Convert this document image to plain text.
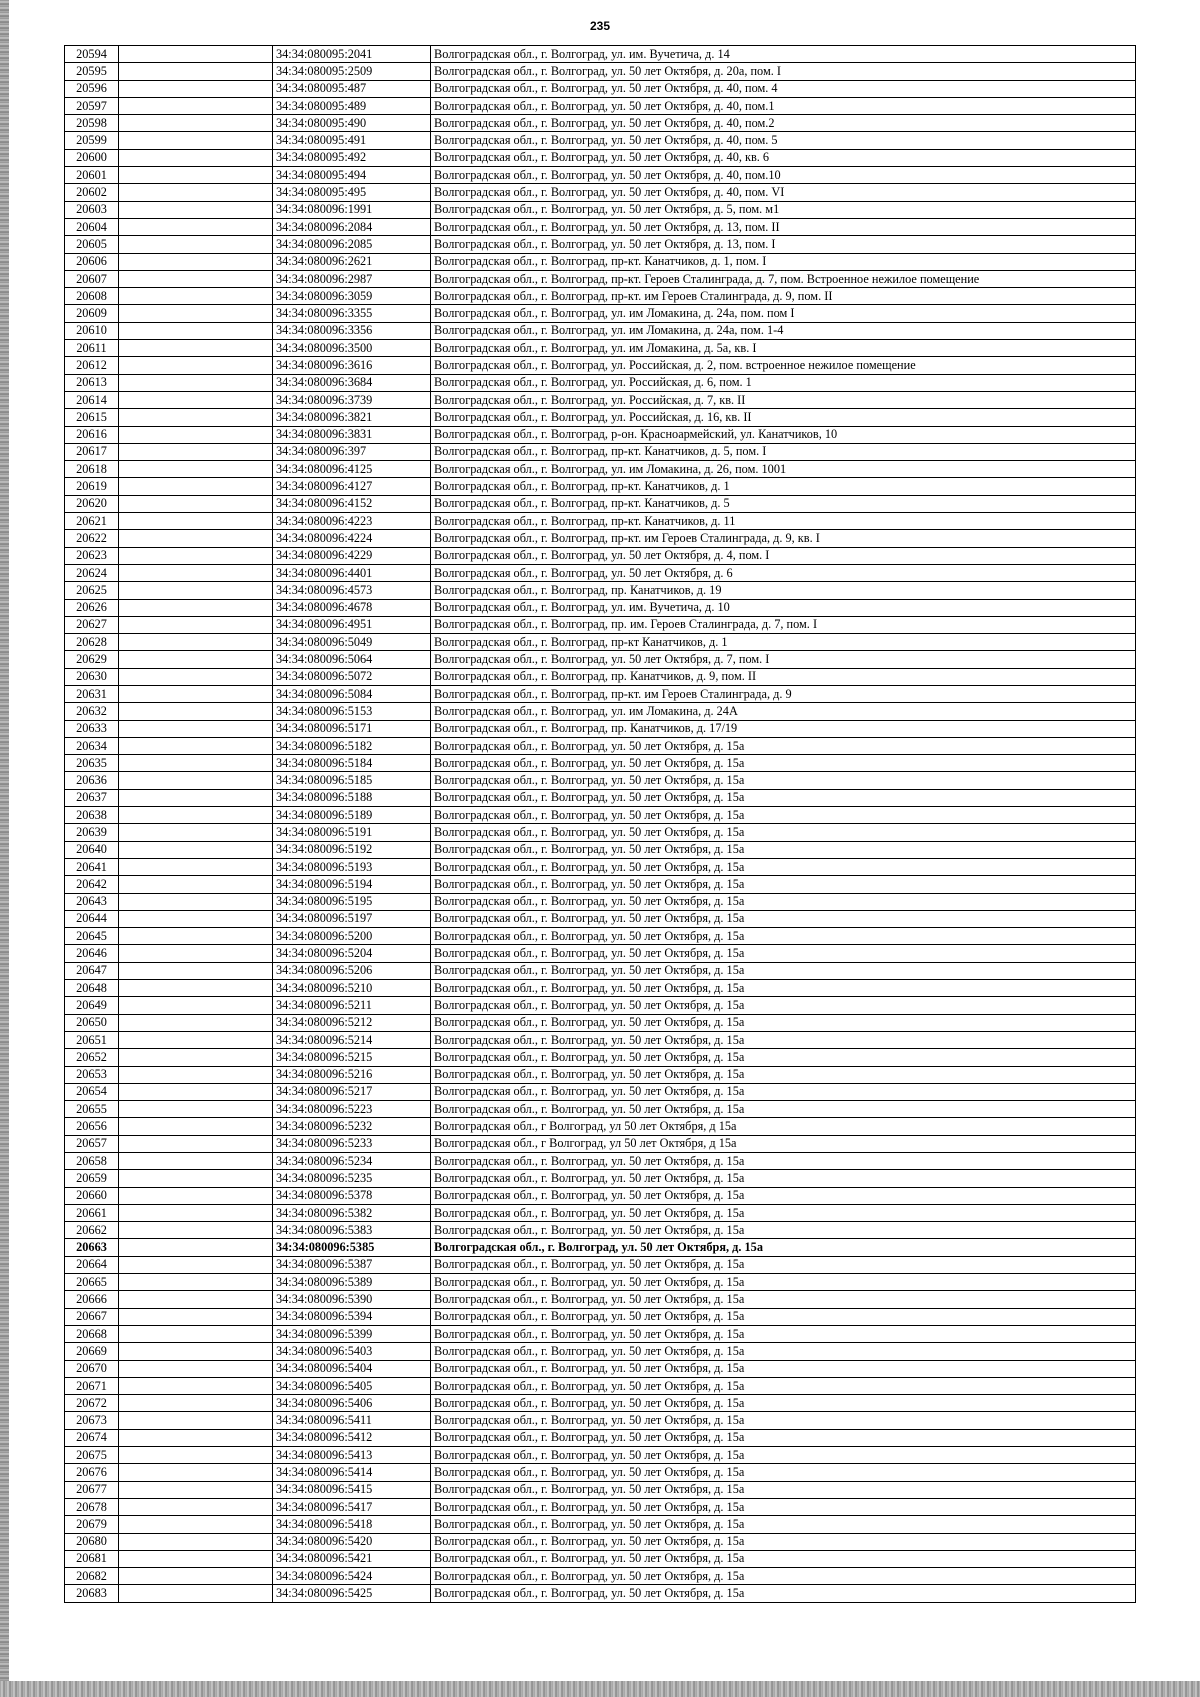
235
20594		34:34:080095:2041	Волгоградская обл., г. Волгоград, ул. им. Вучетича, д. 14
20595		34:34:080095:2509	Волгоградская обл., г. Волгоград, ул. 50 лет Октября, д. 20а, пом. I
20596		34:34:080095:487	Волгоградская обл., г. Волгоград, ул. 50 лет Октября, д. 40, пом. 4
20597		34:34:080095:489	Волгоградская обл., г. Волгоград, ул. 50 лет Октября, д. 40, пом.1
20598		34:34:080095:490	Волгоградская обл., г. Волгоград, ул. 50 лет Октября, д. 40, пом.2
20599		34:34:080095:491	Волгоградская обл., г. Волгоград, ул. 50 лет Октября, д. 40, пом. 5
20600		34:34:080095:492	Волгоградская обл., г. Волгоград, ул. 50 лет Октября, д. 40, кв. 6
20601		34:34:080095:494	Волгоградская обл., г. Волгоград, ул. 50 лет Октября, д. 40, пом.10
20602		34:34:080095:495	Волгоградская обл., г. Волгоград, ул. 50 лет Октября, д. 40, пом. VI
20603		34:34:080096:1991	Волгоградская обл., г. Волгоград, ул. 50 лет Октября, д. 5, пом. м1
20604		34:34:080096:2084	Волгоградская обл., г. Волгоград, ул. 50 лет Октября, д. 13, пом. II
20605		34:34:080096:2085	Волгоградская обл., г. Волгоград, ул. 50 лет Октября, д. 13, пом. I
20606		34:34:080096:2621	Волгоградская обл., г. Волгоград, пр-кт. Канатчиков, д. 1, пом. I
20607		34:34:080096:2987	Волгоградская обл., г. Волгоград, пр-кт. Героев Сталинграда, д. 7, пом. Встроенное нежилое помещение
20608		34:34:080096:3059	Волгоградская обл., г. Волгоград, пр-кт. им Героев Сталинграда, д. 9, пом. II
20609		34:34:080096:3355	Волгоградская обл., г. Волгоград, ул. им Ломакина, д. 24а, пом. пом I
20610		34:34:080096:3356	Волгоградская обл., г. Волгоград, ул. им Ломакина, д. 24а, пом. 1-4
20611		34:34:080096:3500	Волгоградская обл., г. Волгоград, ул. им Ломакина, д. 5а, кв. I
20612		34:34:080096:3616	Волгоградская обл., г. Волгоград, ул. Российская, д. 2, пом. встроенное нежилое помещение
20613		34:34:080096:3684	Волгоградская обл., г. Волгоград, ул. Российская, д. 6, пом. 1
20614		34:34:080096:3739	Волгоградская обл., г. Волгоград, ул. Российская, д. 7, кв. II
20615		34:34:080096:3821	Волгоградская обл., г. Волгоград, ул. Российская, д. 16, кв. II
20616		34:34:080096:3831	Волгоградская обл., г. Волгоград, р-он. Красноармейский, ул. Канатчиков, 10
20617		34:34:080096:397	Волгоградская обл., г. Волгоград, пр-кт. Канатчиков, д. 5, пом. I
20618		34:34:080096:4125	Волгоградская обл., г. Волгоград, ул. им Ломакина, д. 26, пом. 1001
20619		34:34:080096:4127	Волгоградская обл., г. Волгоград, пр-кт. Канатчиков, д. 1
20620		34:34:080096:4152	Волгоградская обл., г. Волгоград, пр-кт. Канатчиков, д. 5
20621		34:34:080096:4223	Волгоградская обл., г. Волгоград, пр-кт. Канатчиков, д. 11
20622		34:34:080096:4224	Волгоградская обл., г. Волгоград, пр-кт. им Героев Сталинграда, д. 9, кв. I
20623		34:34:080096:4229	Волгоградская обл., г. Волгоград, ул. 50 лет Октября, д. 4, пом. I
20624		34:34:080096:4401	Волгоградская обл., г. Волгоград, ул. 50 лет Октября, д. 6
20625		34:34:080096:4573	Волгоградская обл., г. Волгоград, пр. Канатчиков, д. 19
20626		34:34:080096:4678	Волгоградская обл., г. Волгоград, ул. им. Вучетича, д. 10
20627		34:34:080096:4951	Волгоградская обл., г. Волгоград, пр. им. Героев Сталинграда, д. 7, пом. I
20628		34:34:080096:5049	Волгоградская обл., г. Волгоград, пр-кт Канатчиков, д. 1
20629		34:34:080096:5064	Волгоградская обл., г. Волгоград, ул. 50 лет Октября, д. 7, пом. I
20630		34:34:080096:5072	Волгоградская обл., г. Волгоград, пр. Канатчиков, д. 9, пом. II
20631		34:34:080096:5084	Волгоградская обл., г. Волгоград, пр-кт. им Героев Сталинграда, д. 9
20632		34:34:080096:5153	Волгоградская обл., г. Волгоград, ул. им Ломакина, д. 24А
20633		34:34:080096:5171	Волгоградская обл., г. Волгоград, пр. Канатчиков, д. 17/19
20634		34:34:080096:5182	Волгоградская обл., г. Волгоград, ул. 50 лет Октября, д. 15а
20635		34:34:080096:5184	Волгоградская обл., г. Волгоград, ул. 50 лет Октября, д. 15а
20636		34:34:080096:5185	Волгоградская обл., г. Волгоград, ул. 50 лет Октября, д. 15а
20637		34:34:080096:5188	Волгоградская обл., г. Волгоград, ул. 50 лет Октября, д. 15а
20638		34:34:080096:5189	Волгоградская обл., г. Волгоград, ул. 50 лет Октября, д. 15а
20639		34:34:080096:5191	Волгоградская обл., г. Волгоград, ул. 50 лет Октября, д. 15а
20640		34:34:080096:5192	Волгоградская обл., г. Волгоград, ул. 50 лет Октября, д. 15а
20641		34:34:080096:5193	Волгоградская обл., г. Волгоград, ул. 50 лет Октября, д. 15а
20642		34:34:080096:5194	Волгоградская обл., г. Волгоград, ул. 50 лет Октября, д. 15а
20643		34:34:080096:5195	Волгоградская обл., г. Волгоград, ул. 50 лет Октября, д. 15а
20644		34:34:080096:5197	Волгоградская обл., г. Волгоград, ул. 50 лет Октября, д. 15а
20645		34:34:080096:5200	Волгоградская обл., г. Волгоград, ул. 50 лет Октября, д. 15а
20646		34:34:080096:5204	Волгоградская обл., г. Волгоград, ул. 50 лет Октября, д. 15а
20647		34:34:080096:5206	Волгоградская обл., г. Волгоград, ул. 50 лет Октября, д. 15а
20648		34:34:080096:5210	Волгоградская обл., г. Волгоград, ул. 50 лет Октября, д. 15а
20649		34:34:080096:5211	Волгоградская обл., г. Волгоград, ул. 50 лет Октября, д. 15а
20650		34:34:080096:5212	Волгоградская обл., г. Волгоград, ул. 50 лет Октября, д. 15а
20651		34:34:080096:5214	Волгоградская обл., г. Волгоград, ул. 50 лет Октября, д. 15а
20652		34:34:080096:5215	Волгоградская обл., г. Волгоград, ул. 50 лет Октября, д. 15а
20653		34:34:080096:5216	Волгоградская обл., г. Волгоград, ул. 50 лет Октября, д. 15а
20654		34:34:080096:5217	Волгоградская обл., г. Волгоград, ул. 50 лет Октября, д. 15а
20655		34:34:080096:5223	Волгоградская обл., г. Волгоград, ул. 50 лет Октября, д. 15а
20656		34:34:080096:5232	Волгоградская обл., г Волгоград, ул 50 лет Октября, д 15а
20657		34:34:080096:5233	Волгоградская обл., г Волгоград, ул 50 лет Октября, д 15а
20658		34:34:080096:5234	Волгоградская обл., г. Волгоград, ул. 50 лет Октября, д. 15а
20659		34:34:080096:5235	Волгоградская обл., г. Волгоград, ул. 50 лет Октября, д. 15а
20660		34:34:080096:5378	Волгоградская обл., г. Волгоград, ул. 50 лет Октября, д. 15а
20661		34:34:080096:5382	Волгоградская обл., г. Волгоград, ул. 50 лет Октября, д. 15а
20662		34:34:080096:5383	Волгоградская обл., г. Волгоград, ул. 50 лет Октября, д. 15а
20663		34:34:080096:5385	Волгоградская обл., г. Волгоград, ул. 50 лет Октября, д. 15а
20664		34:34:080096:5387	Волгоградская обл., г. Волгоград, ул. 50 лет Октября, д. 15а
20665		34:34:080096:5389	Волгоградская обл., г. Волгоград, ул. 50 лет Октября, д. 15а
20666		34:34:080096:5390	Волгоградская обл., г. Волгоград, ул. 50 лет Октября, д. 15а
20667		34:34:080096:5394	Волгоградская обл., г. Волгоград, ул. 50 лет Октября, д. 15а
20668		34:34:080096:5399	Волгоградская обл., г. Волгоград, ул. 50 лет Октября, д. 15а
20669		34:34:080096:5403	Волгоградская обл., г. Волгоград, ул. 50 лет Октября, д. 15а
20670		34:34:080096:5404	Волгоградская обл., г. Волгоград, ул. 50 лет Октября, д. 15а
20671		34:34:080096:5405	Волгоградская обл., г. Волгоград, ул. 50 лет Октября, д. 15а
20672		34:34:080096:5406	Волгоградская обл., г. Волгоград, ул. 50 лет Октября, д. 15а
20673		34:34:080096:5411	Волгоградская обл., г. Волгоград, ул. 50 лет Октября, д. 15а
20674		34:34:080096:5412	Волгоградская обл., г. Волгоград, ул. 50 лет Октября, д. 15а
20675		34:34:080096:5413	Волгоградская обл., г. Волгоград, ул. 50 лет Октября, д. 15а
20676		34:34:080096:5414	Волгоградская обл., г. Волгоград, ул. 50 лет Октября, д. 15а
20677		34:34:080096:5415	Волгоградская обл., г. Волгоград, ул. 50 лет Октября, д. 15а
20678		34:34:080096:5417	Волгоградская обл., г. Волгоград, ул. 50 лет Октября, д. 15а
20679		34:34:080096:5418	Волгоградская обл., г. Волгоград, ул. 50 лет Октября, д. 15а
20680		34:34:080096:5420	Волгоградская обл., г. Волгоград, ул. 50 лет Октября, д. 15а
20681		34:34:080096:5421	Волгоградская обл., г. Волгоград, ул. 50 лет Октября, д. 15а
20682		34:34:080096:5424	Волгоградская обл., г. Волгоград, ул. 50 лет Октября, д. 15а
20683		34:34:080096:5425	Волгоградская обл., г. Волгоград, ул. 50 лет Октября, д. 15а
